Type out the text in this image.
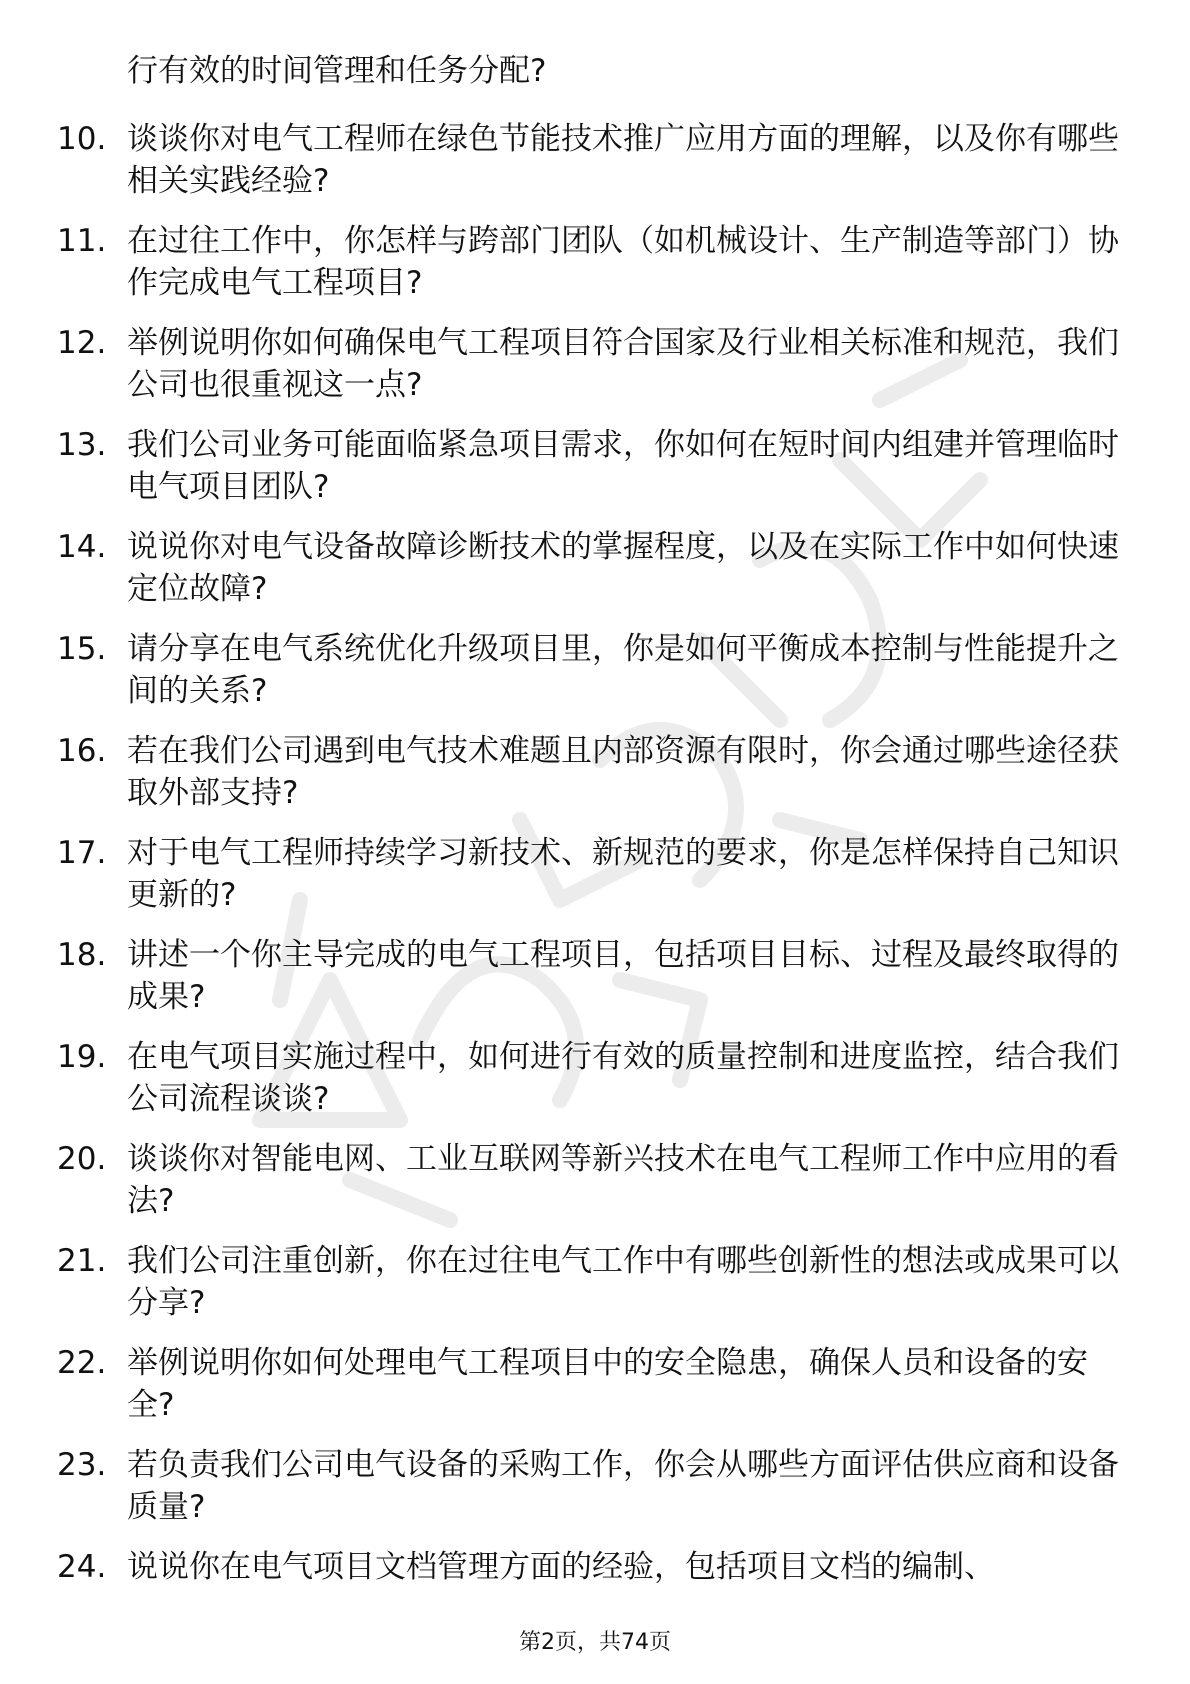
行有效的时间管理和任务分配?
10. 谈谈你对电气工程师在绿色节能技术推广应用方面的理解，以及你有哪些相关实践经验?
11. 在过往工作中，你怎样与跨部门团队（如机械设计、生产制造等部门）协作完成电气工程项目?
12. 举例说明你如何确保电气工程项目符合国家及行业相关标准和规范，我们公司也很重视这一点?
13. 我们公司业务可能面临紧急项目需求，你如何在短时间内组建并管理临时电气项目团队?
14. 说说你对电气设备故障诊断技术的掌握程度，以及在实际工作中如何快速定位故障?
15. 请分享在电气系统优化升级项目里，你是如何平衡成本控制与性能提升之间的关系?
16. 若在我们公司遇到电气技术难题且内部资源有限时，你会通过哪些途径获取外部支持?
17. 对于电气工程师持续学习新技术、新规范的要求，你是怎样保持自己知识更新的?
18. 讲述一个你主导完成的电气工程项目，包括项目目标、过程及最终取得的成果?
19. 在电气项目实施过程中，如何进行有效的质量控制和进度监控，结合我们公司流程谈谈?
20. 谈谈你对智能电网、工业互联网等新兴技术在电气工程师工作中应用的看法?
21. 我们公司注重创新，你在过往电气工作中有哪些创新性的想法或成果可以分享?
22. 举例说明你如何处理电气工程项目中的安全隐患，确保人员和设备的安全?
23. 若负责我们公司电气设备的采购工作，你会从哪些方面评估供应商和设备质量?
24. 说说你在电气项目文档管理方面的经验，包括项目文档的编制、
第2页，共74页
